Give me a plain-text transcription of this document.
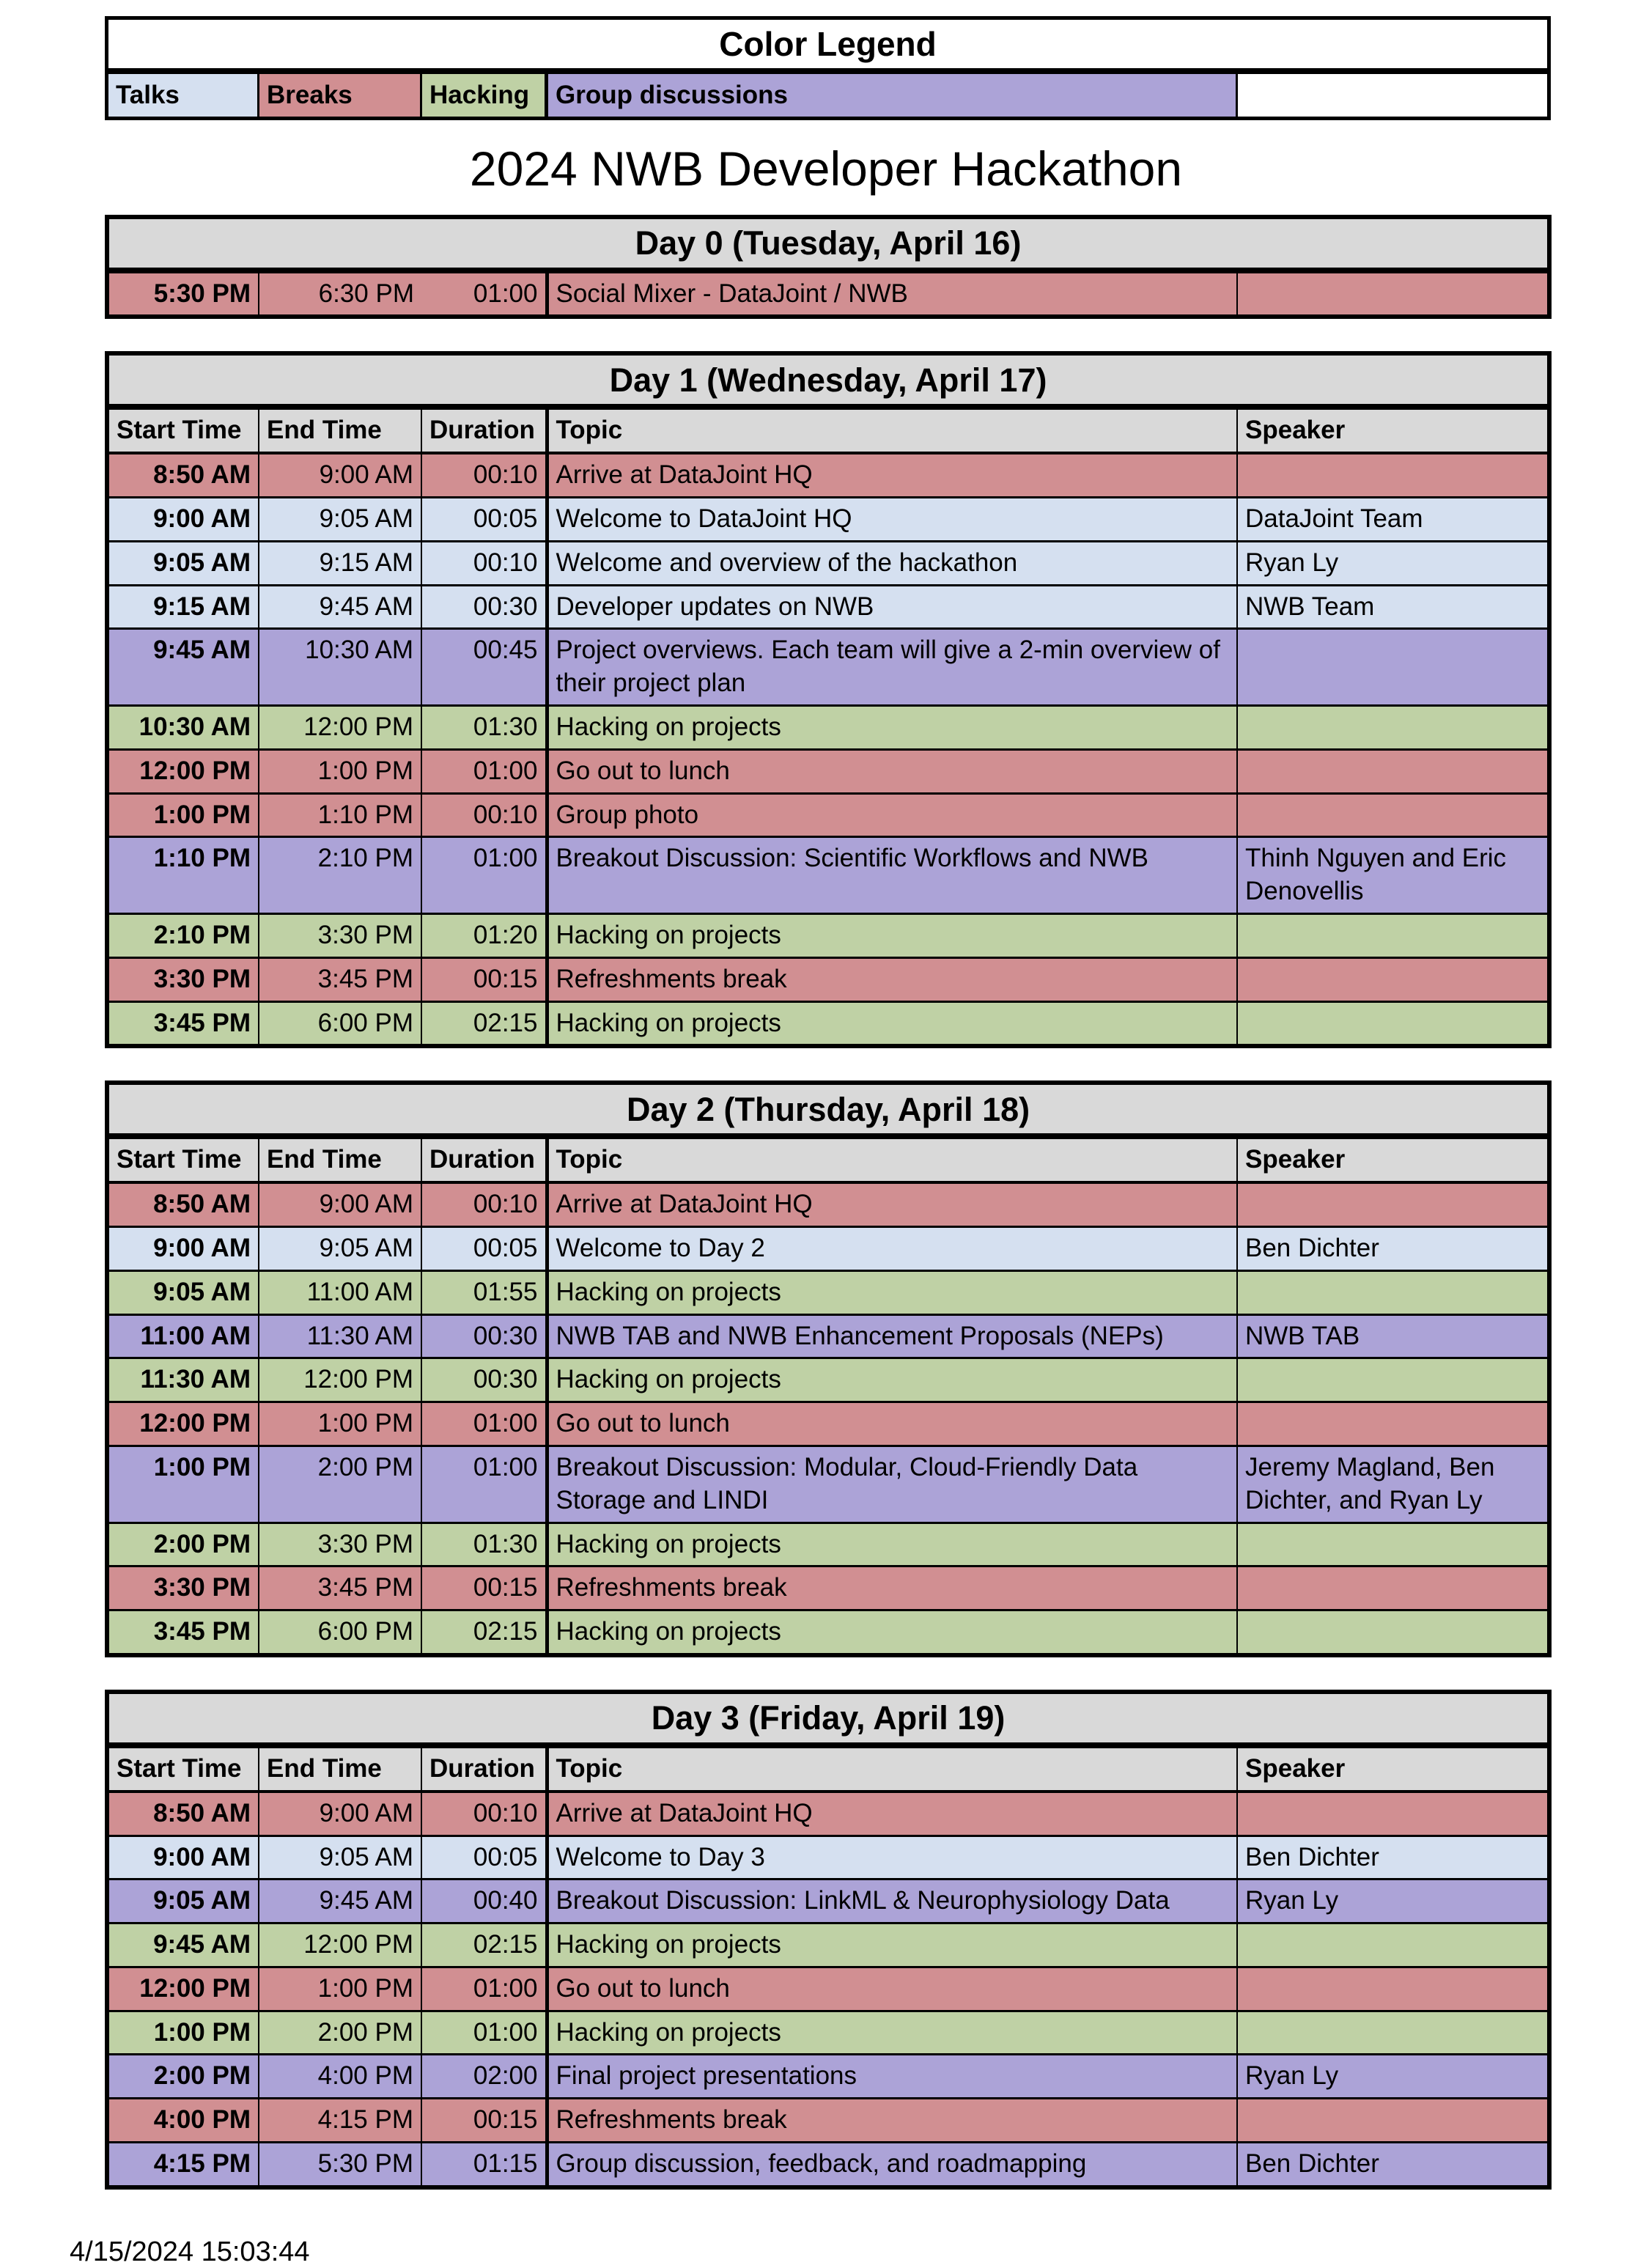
Color Legend
Talks	Breaks	Hacking	Group discussions	
2024 NWB Developer Hackathon
Day 0 (Tuesday, April 16)
5:30 PM	6:30 PM	01:00	Social Mixer - DataJoint / NWB	
Day 1 (Wednesday, April 17)				
Start Time	End Time	Duration	Topic	Speaker
8:50 AM	9:00 AM	00:10	Arrive at DataJoint HQ	
9:00 AM	9:05 AM	00:05	Welcome to DataJoint HQ	DataJoint Team
9:05 AM	9:15 AM	00:10	Welcome and overview of the hackathon	Ryan Ly
9:15 AM	9:45 AM	00:30	Developer updates on NWB	NWB Team
9:45 AM	10:30 AM	00:45	Project overviews. Each team will give a 2-min overview of their project plan	
10:30 AM	12:00 PM	01:30	Hacking on projects	
12:00 PM	1:00 PM	01:00	Go out to lunch	
1:00 PM	1:10 PM	00:10	Group photo	
1:10 PM	2:10 PM	01:00	Breakout Discussion: Scientific Workflows and NWB	Thinh Nguyen and Eric Denovellis
2:10 PM	3:30 PM	01:20	Hacking on projects	
3:30 PM	3:45 PM	00:15	Refreshments break	
3:45 PM	6:00 PM	02:15	Hacking on projects	
Day 2 (Thursday, April 18)				
Start Time	End Time	Duration	Topic	Speaker
8:50 AM	9:00 AM	00:10	Arrive at DataJoint HQ	
9:00 AM	9:05 AM	00:05	Welcome to Day 2	Ben Dichter
9:05 AM	11:00 AM	01:55	Hacking on projects	
11:00 AM	11:30 AM	00:30	NWB TAB and NWB Enhancement Proposals (NEPs)	NWB TAB
11:30 AM	12:00 PM	00:30	Hacking on projects	
12:00 PM	1:00 PM	01:00	Go out to lunch	
1:00 PM	2:00 PM	01:00	Breakout Discussion: Modular, Cloud-Friendly Data Storage and LINDI	Jeremy Magland, Ben Dichter, and Ryan Ly
2:00 PM	3:30 PM	01:30	Hacking on projects	
3:30 PM	3:45 PM	00:15	Refreshments break	
3:45 PM	6:00 PM	02:15	Hacking on projects	
Day 3 (Friday, April 19)				
Start Time	End Time	Duration	Topic	Speaker
8:50 AM	9:00 AM	00:10	Arrive at DataJoint HQ	
9:00 AM	9:05 AM	00:05	Welcome to Day 3	Ben Dichter
9:05 AM	9:45 AM	00:40	Breakout Discussion: LinkML & Neurophysiology Data	Ryan Ly
9:45 AM	12:00 PM	02:15	Hacking on projects	
12:00 PM	1:00 PM	01:00	Go out to lunch	
1:00 PM	2:00 PM	01:00	Hacking on projects	
2:00 PM	4:00 PM	02:00	Final project presentations	Ryan Ly
4:00 PM	4:15 PM	00:15	Refreshments break	
4:15 PM	5:30 PM	01:15	Group discussion, feedback, and roadmapping	Ben Dichter
4/15/2024 15:03:44
